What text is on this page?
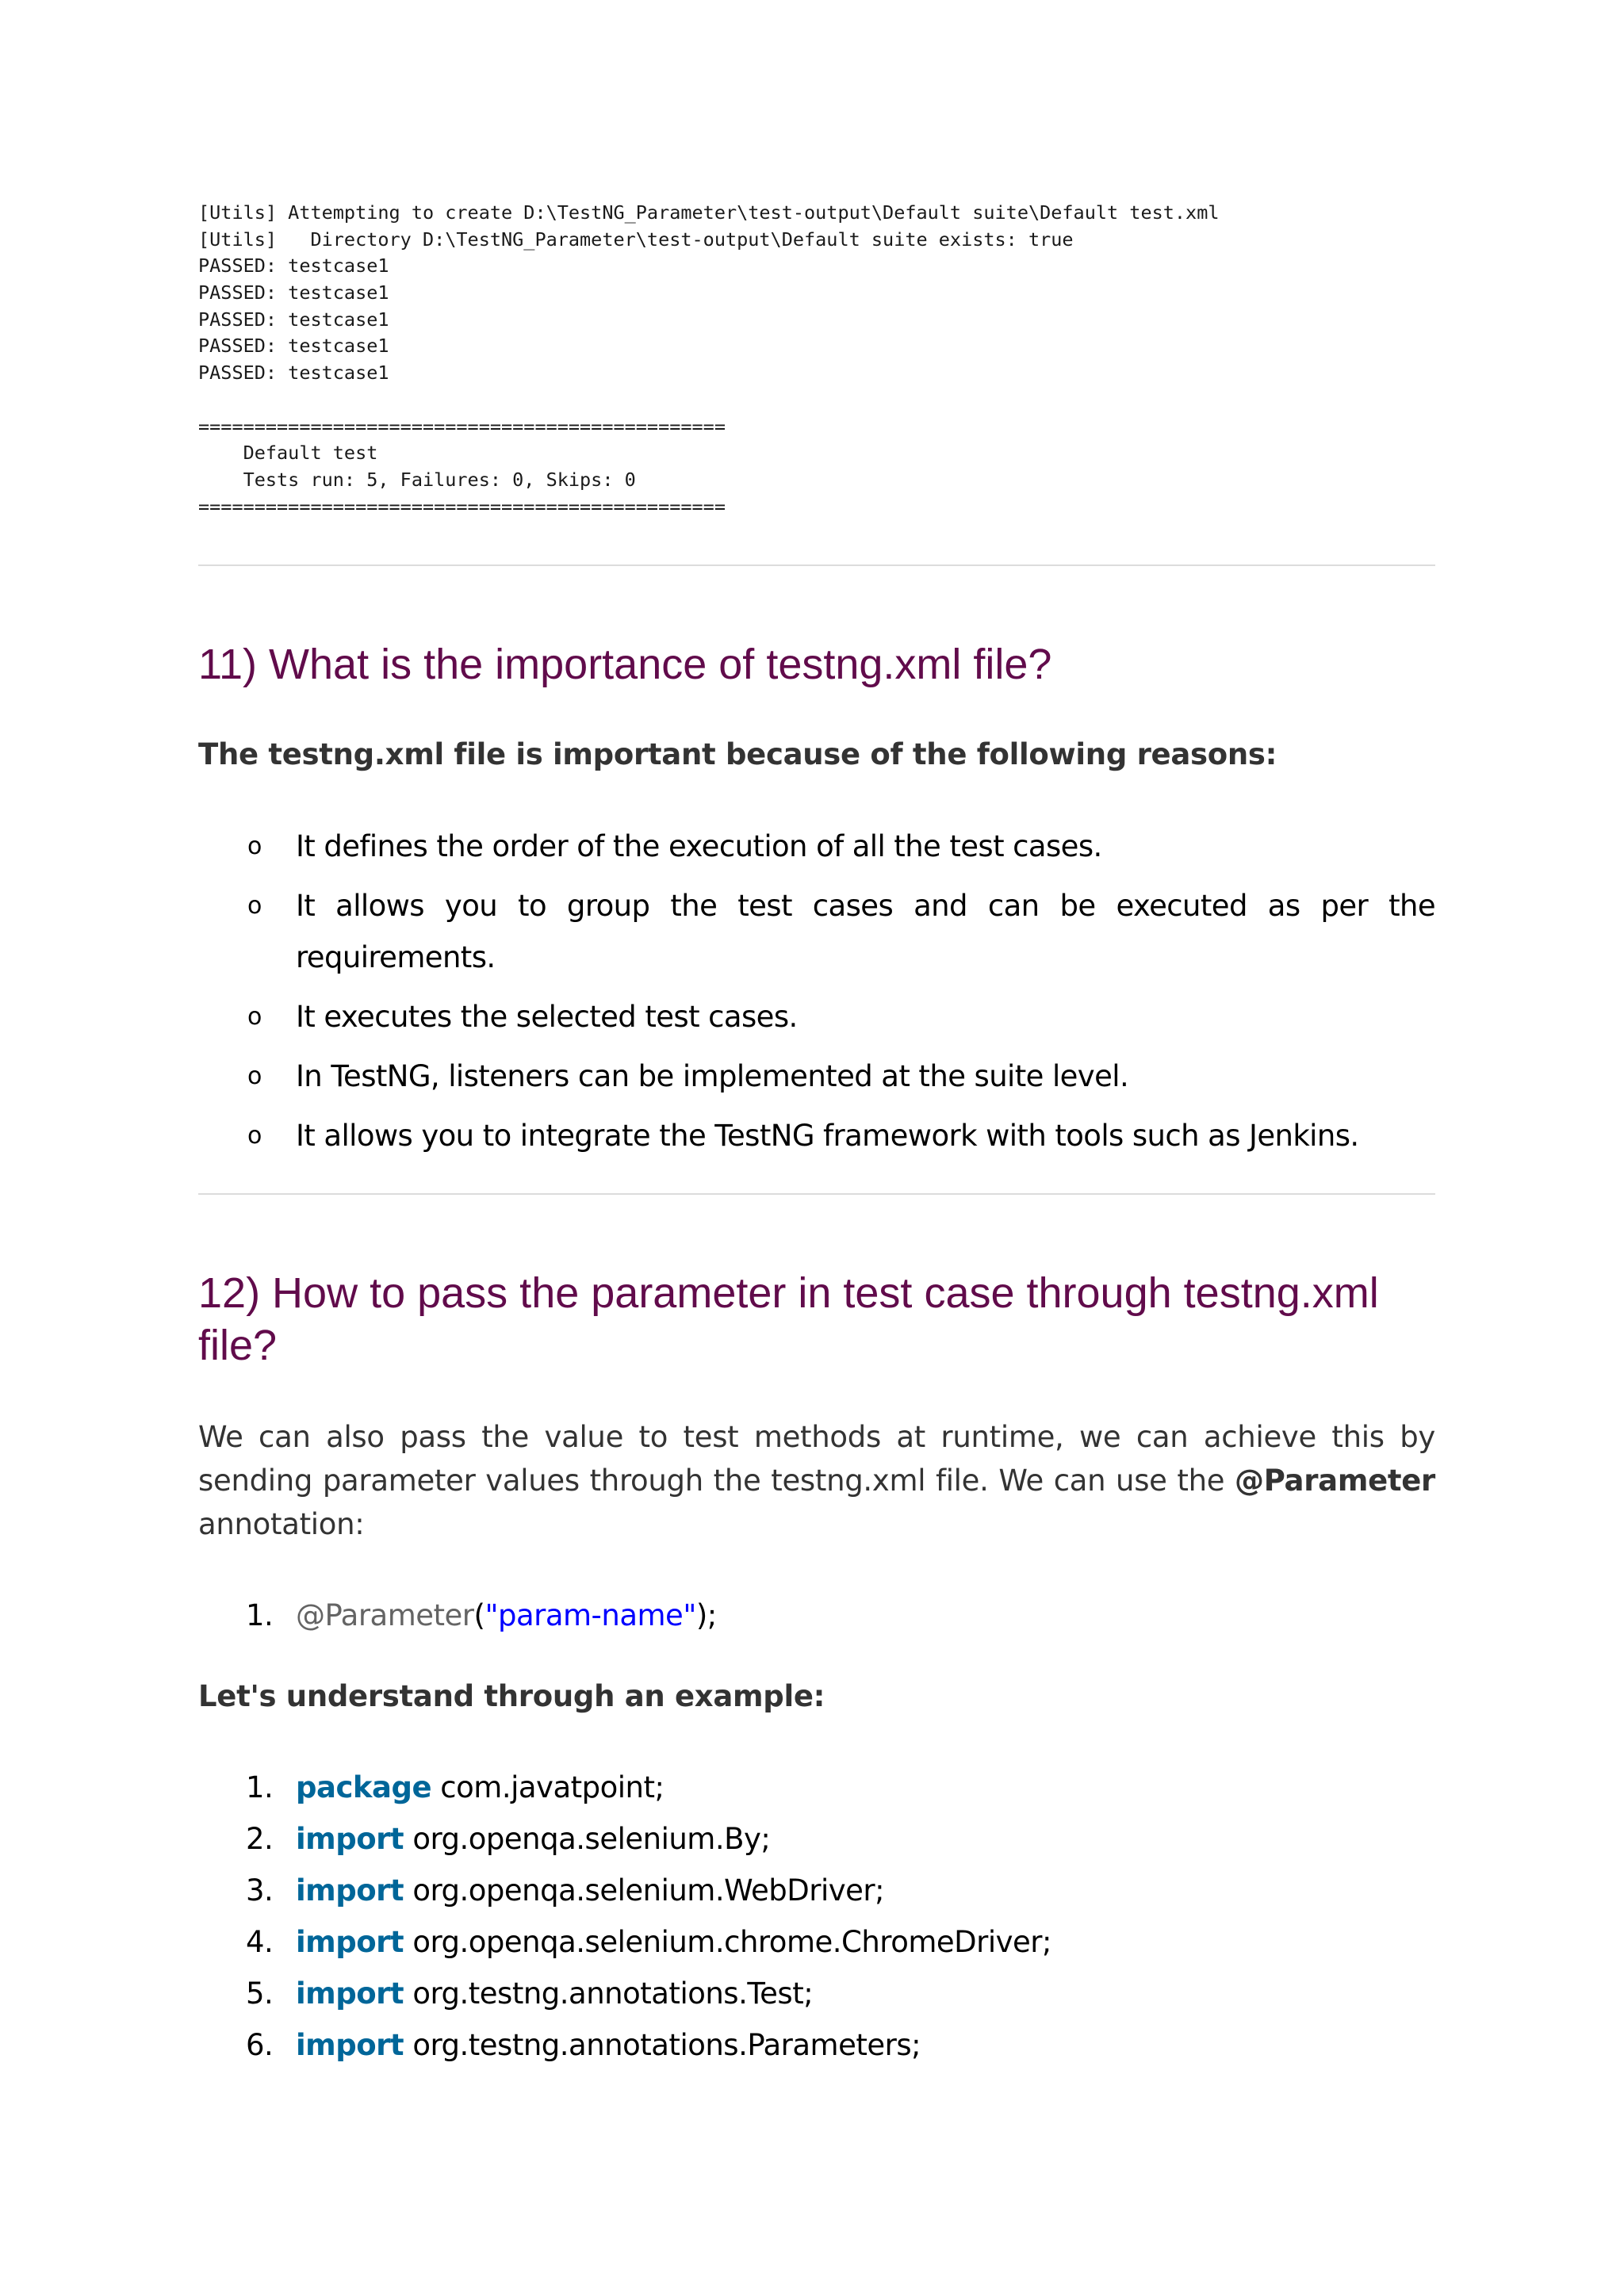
[Utils] Attempting to create D:\TestNG_Parameter\test-output\Default suite\Default test.xml
[Utils]   Directory D:\TestNG_Parameter\test-output\Default suite exists: true
PASSED: testcase1
PASSED: testcase1
PASSED: testcase1
PASSED: testcase1
PASSED: testcase1
===============================================
Default test
Tests run: 5, Failures: 0, Skips: 0
===============================================
11) What is the importance of testng.xml file?

The testng.xml file is important because of the following reasons:

o It defines the order of the execution of all the test cases.
o It allows you to group the test cases and can be executed as per the requirements.
o It executes the selected test cases.
o In TestNG, listeners can be implemented at the suite level.
o It allows you to integrate the TestNG framework with tools such as Jenkins.
12) How to pass the parameter in test case through testng.xml file?

We can also pass the value to test methods at runtime, we can achieve this by sending parameter values through the testng.xml file. We can use the @Parameter annotation:

1. @Parameter("param-name");

Let's understand through an example:

1. package com.javatpoint;
2. import org.openqa.selenium.By;
3. import org.openqa.selenium.WebDriver;
4. import org.openqa.selenium.chrome.ChromeDriver;
5. import org.testng.annotations.Test;
6. import org.testng.annotations.Parameters;
